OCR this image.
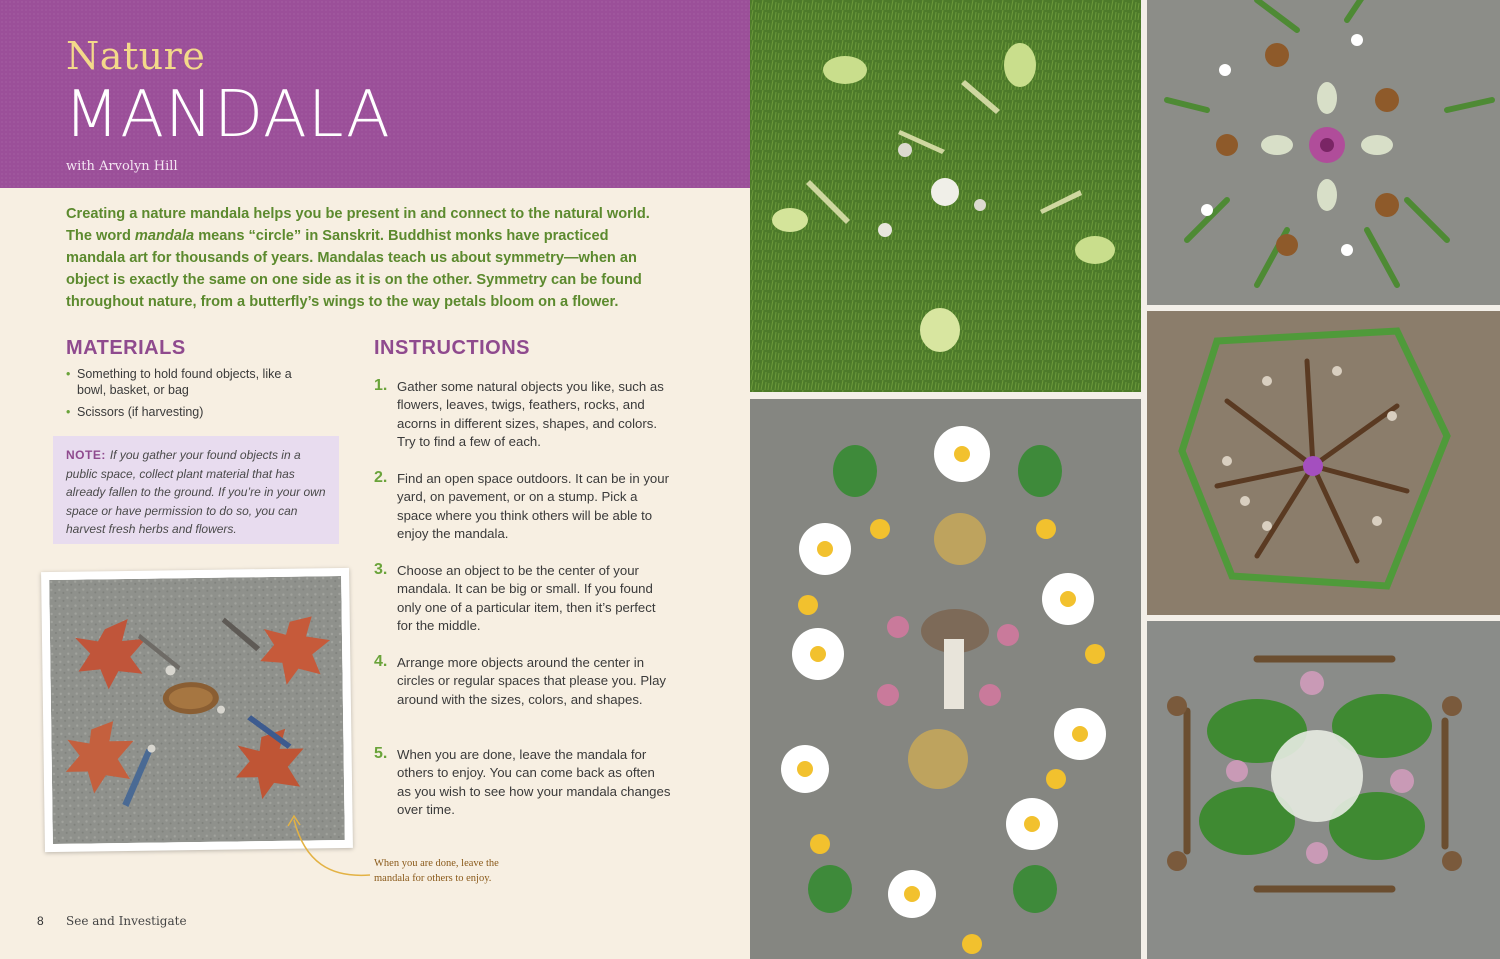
Nature
MANDALA
with Arvolyn Hill

Creating a nature mandala helps you be present in and connect to the natural world. The word mandala means “circle” in Sanskrit. Buddhist monks have practiced mandala art for thousands of years. Mandalas teach us about symmetry—when an object is exactly the same on one side as it is on the other. Symmetry can be found throughout nature, from a butterfly’s wings to the way petals bloom on a flower.

MATERIALS
• Something to hold found objects, like a bowl, basket, or bag
• Scissors (if harvesting)
NOTE: If you gather your found objects in a public space, collect plant material that has already fallen to the ground. If you’re in your own space or have permission to do so, you can harvest fresh herbs and flowers.
INSTRUCTIONS
1. Gather some natural objects you like, such as flowers, leaves, twigs, feathers, rocks, and acorns in different sizes, shapes, and colors. Try to find a few of each.
2. Find an open space outdoors. It can be in your yard, on pavement, or on a stump. Pick a space where you think others will be able to enjoy the mandala.
3. Choose an object to be the center of your mandala. It can be big or small. If you found only one of a particular item, then it’s perfect for the middle.
4. Arrange more objects around the center in circles or regular spaces that please you. Play around with the sizes, colors, and shapes.
5. When you are done, leave the mandala for others to enjoy. You can come back as often as you wish to see how your mandala changes over time.
When you are done, leave the
mandala for others to enjoy.
8 See and Investigate
